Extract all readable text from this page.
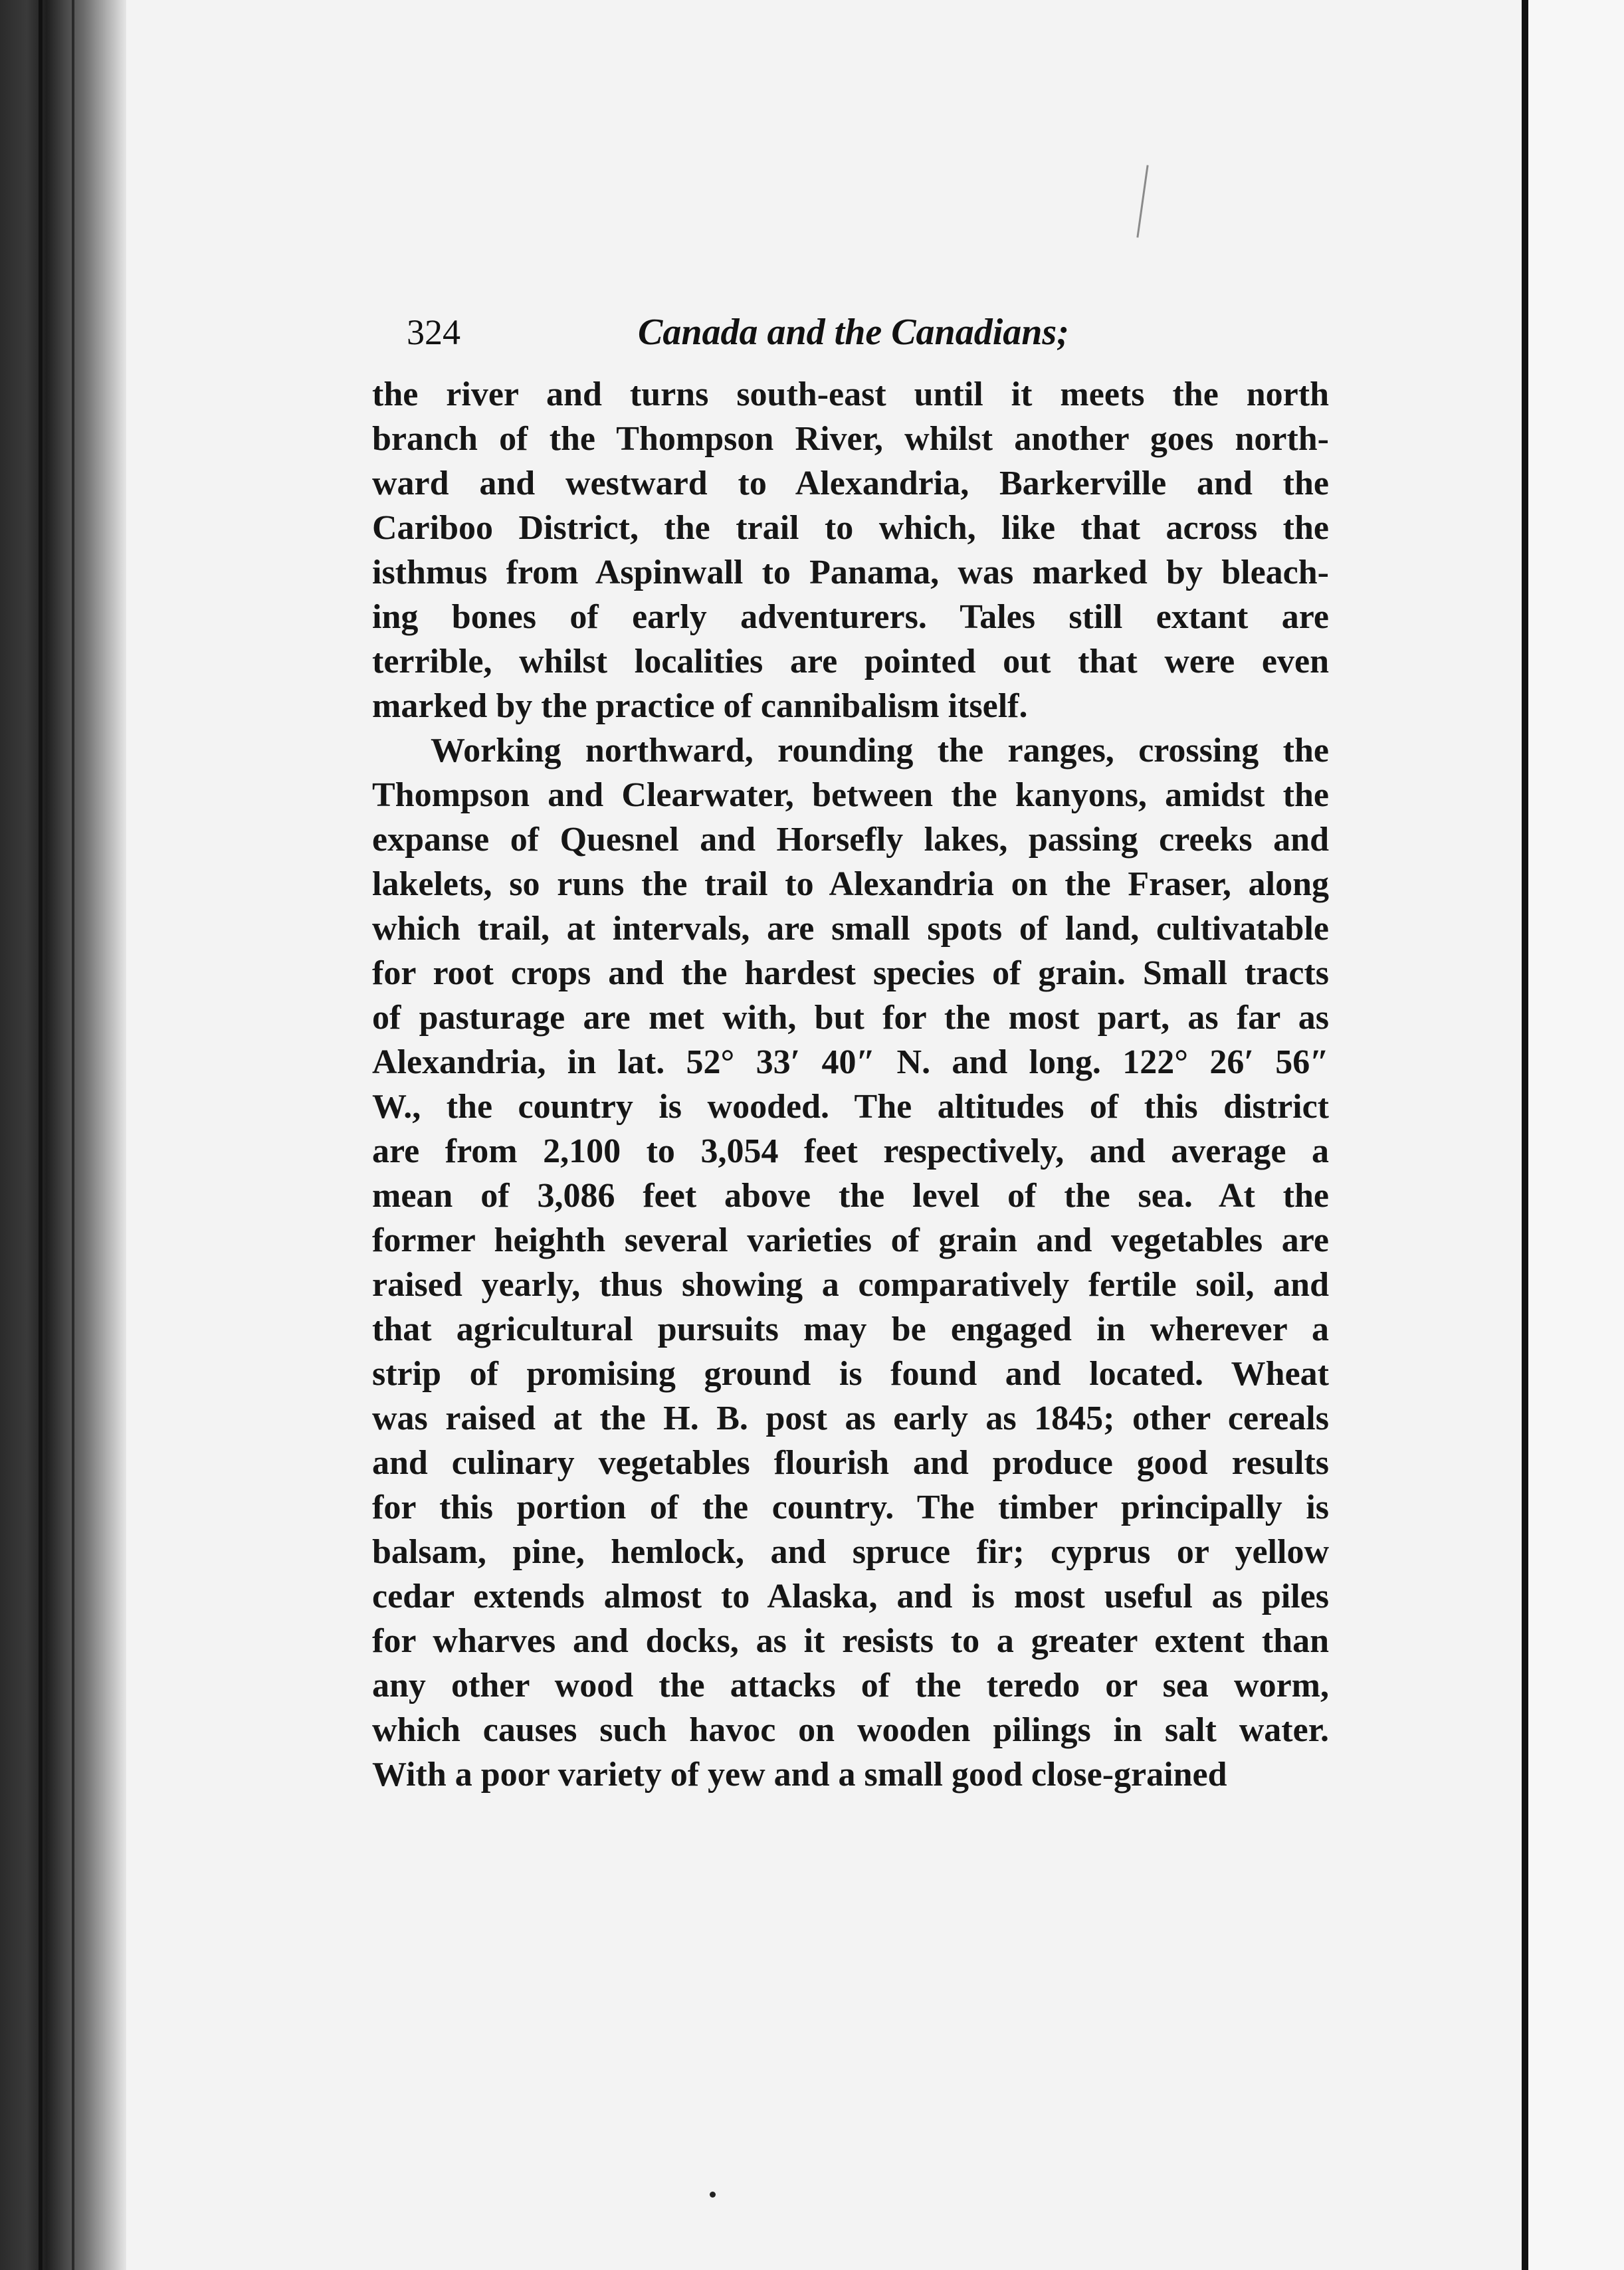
324	Canada and the Canadians;

the river and turns south-east until it meets the north
branch of the Thompson River, whilst another goes north-
ward and westward to Alexandria, Barkerville and the
Cariboo District, the trail to which, like that across the
isthmus from Aspinwall to Panama, was marked by bleach-
ing bones of early adventurers. Tales still extant are
terrible, whilst localities are pointed out that were even
marked by the practice of cannibalism itself.

Working northward, rounding the ranges, crossing the
Thompson and Clearwater, between the kanyons, amidst the
expanse of Quesnel and Horsefly lakes, passing creeks and
lakelets, so runs the trail to Alexandria on the Fraser, along
which trail, at intervals, are small spots of land, cultivatable
for root crops and the hardest species of grain. Small tracts
of pasturage are met with, but for the most part, as far as
Alexandria, in lat. 52° 33′ 40″ N. and long. 122° 26′ 56″
W., the country is wooded. The altitudes of this district
are from 2,100 to 3,054 feet respectively, and average a
mean of 3,086 feet above the level of the sea. At the
former heighth several varieties of grain and vegetables are
raised yearly, thus showing a comparatively fertile soil, and
that agricultural pursuits may be engaged in wherever a
strip of promising ground is found and located. Wheat
was raised at the H. B. post as early as 1845; other cereals
and culinary vegetables flourish and produce good results
for this portion of the country. The timber principally is
balsam, pine, hemlock, and spruce fir; cyprus or yellow
cedar extends almost to Alaska, and is most useful as piles
for wharves and docks, as it resists to a greater extent than
any other wood the attacks of the teredo or sea worm,
which causes such havoc on wooden pilings in salt water.
With a poor variety of yew and a small good close-grained
